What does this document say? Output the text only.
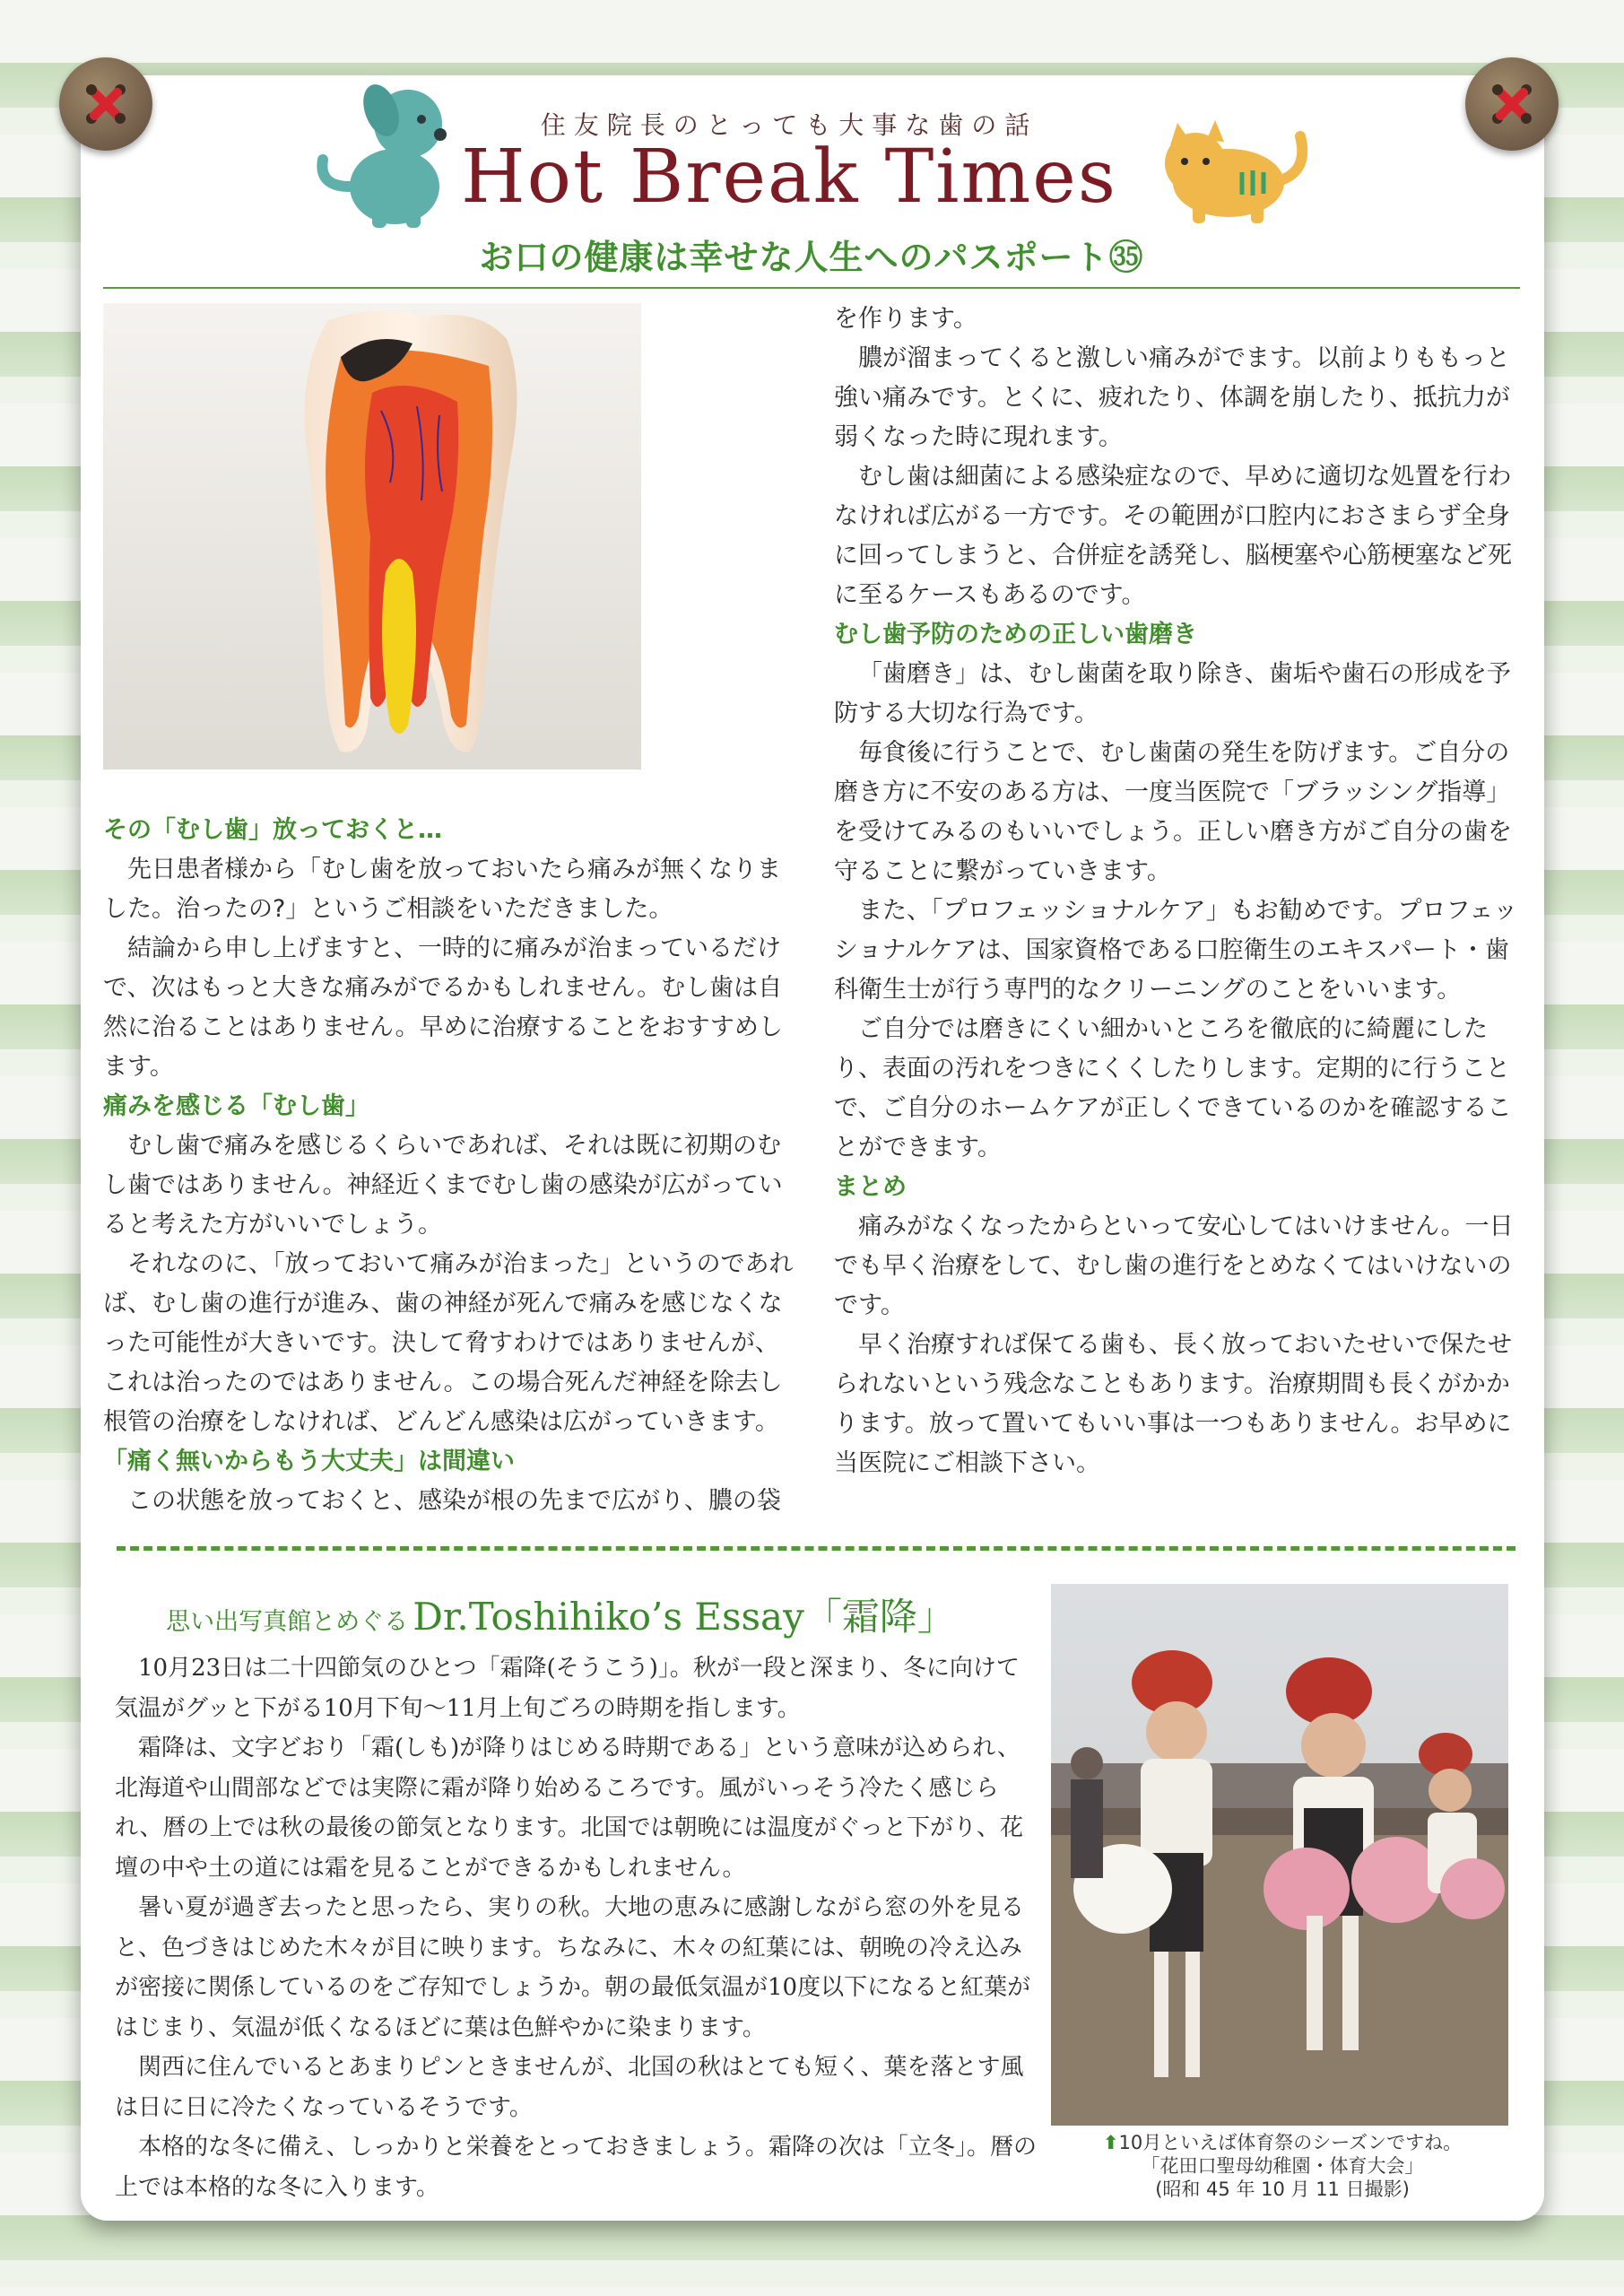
住友院長のとっても大事な歯の話
Hot Break Times
お口の健康は幸せな人生へのパスポート㉟
その「むし歯」放っておくと…

先日患者様から「むし歯を放っておいたら痛みが無くなりました。治ったの?」というご相談をいただきました。

結論から申し上げますと、一時的に痛みが治まっているだけで、次はもっと大きな痛みがでるかもしれません。むし歯は自然に治ることはありません。早めに治療することをおすすめします。

痛みを感じる「むし歯」

むし歯で痛みを感じるくらいであれば、それは既に初期のむし歯ではありません。神経近くまでむし歯の感染が広がっていると考えた方がいいでしょう。

それなのに、「放っておいて痛みが治まった」というのであれば、むし歯の進行が進み、歯の神経が死んで痛みを感じなくなった可能性が大きいです。決して脅すわけではありませんが、これは治ったのではありません。この場合死んだ神経を除去し根管の治療をしなければ、どんどん感染は広がっていきます。

「痛く無いからもう大丈夫」は間違い

この状態を放っておくと、感染が根の先まで広がり、膿の袋

を作ります。

膿が溜まってくると激しい痛みがでます。以前よりももっと強い痛みです。とくに、疲れたり、体調を崩したり、抵抗力が弱くなった時に現れます。

むし歯は細菌による感染症なので、早めに適切な処置を行わなければ広がる一方です。その範囲が口腔内におさまらず全身に回ってしまうと、合併症を誘発し、脳梗塞や心筋梗塞など死に至るケースもあるのです。

むし歯予防のための正しい歯磨き

「歯磨き」は、むし歯菌を取り除き、歯垢や歯石の形成を予防する大切な行為です。

毎食後に行うことで、むし歯菌の発生を防げます。ご自分の磨き方に不安のある方は、一度当医院で「ブラッシング指導」を受けてみるのもいいでしょう。正しい磨き方がご自分の歯を守ることに繋がっていきます。

また、「プロフェッショナルケア」もお勧めです。プロフェッショナルケアは、国家資格である口腔衛生のエキスパート・歯科衛生士が行う専門的なクリーニングのことをいいます。

ご自分では磨きにくい細かいところを徹底的に綺麗にしたり、表面の汚れをつきにくくしたりします。定期的に行うことで、ご自分のホームケアが正しくできているのかを確認することができます。

まとめ

痛みがなくなったからといって安心してはいけません。一日でも早く治療をして、むし歯の進行をとめなくてはいけないのです。

早く治療すれば保てる歯も、長く放っておいたせいで保たせられないという残念なこともあります。治療期間も長くがかかります。放って置いてもいい事は一つもありません。お早めに当医院にご相談下さい。

思い出写真館とめぐる Dr.Toshihiko’s Essay「霜降」

10月23日は二十四節気のひとつ「霜降(そうこう)」。秋が一段と深まり、冬に向けて気温がグッと下がる10月下旬〜11月上旬ごろの時期を指します。

霜降は、文字どおり「霜(しも)が降りはじめる時期である」という意味が込められ、北海道や山間部などでは実際に霜が降り始めるころです。風がいっそう冷たく感じられ、暦の上では秋の最後の節気となります。北国では朝晩には温度がぐっと下がり、花壇の中や土の道には霜を見ることができるかもしれません。

暑い夏が過ぎ去ったと思ったら、実りの秋。大地の恵みに感謝しながら窓の外を見ると、色づきはじめた木々が目に映ります。ちなみに、木々の紅葉には、朝晩の冷え込みが密接に関係しているのをご存知でしょうか。朝の最低気温が10度以下になると紅葉がはじまり、気温が低くなるほどに葉は色鮮やかに染まります。

関西に住んでいるとあまりピンときませんが、北国の秋はとても短く、葉を落とす風は日に日に冷たくなっているそうです。

本格的な冬に備え、しっかりと栄養をとっておきましょう。霜降の次は「立冬」。暦の上では本格的な冬に入ります。

⬆10月といえば体育祭のシーズンですね。
「花田口聖母幼稚園・体育大会」
(昭和 45 年 10 月 11 日撮影)
